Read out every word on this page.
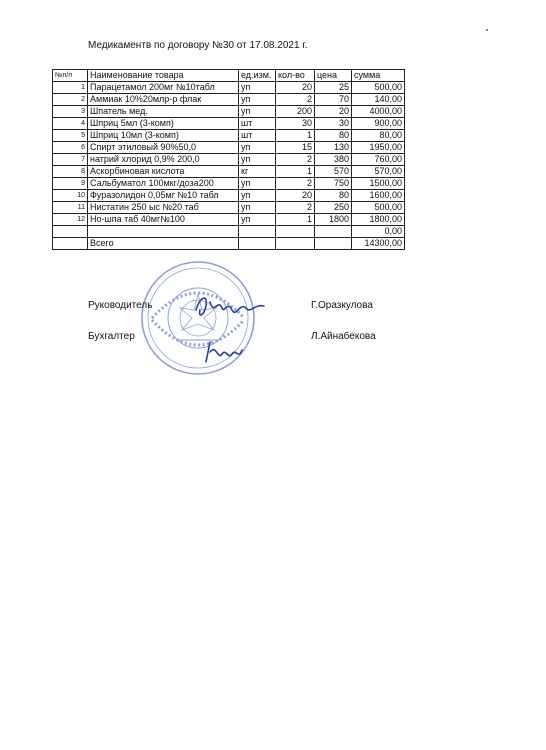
Медикаментв по договору №30 от 17.08.2021 г.
№п/п	Наименование товара	ед.изм.	кол-во	цена	сумма
1	Парацетамол 200мг №10табл	уп	20	25	500,00
2	Аммиак 10%20млр-р флак	уп	2	70	140,00
3	Шпатель мед.	уп	200	20	4000,00
4	Шприц 5мл (3-комп)	шт	30	30	900,00
5	Шприц 10мл (3-комп)	шт	1	80	80,00
6	Спирт этиловый 90%50,0	уп	15	130	1950,00
7	натрий хлорид 0,9% 200,0	уп	2	380	760,00
8	Аскорбиновая кислота	кг	1	570	570,00
9	Сальбуматол 100мкг/доза200	уп	2	750	1500,00
10	Фуразолидон 0,05мг №10 табл	уп	20	80	1600,00
11	Нистатин 250 ыс №20 таб	уп	2	250	500,00
12	Но-шпа таб 40мг№100	уп	1	1800	1800,00
					0,00
	Всего				14300,00
Руководитель	Г.Оразкулова
Бухгалтер	Л.Айнабекова
